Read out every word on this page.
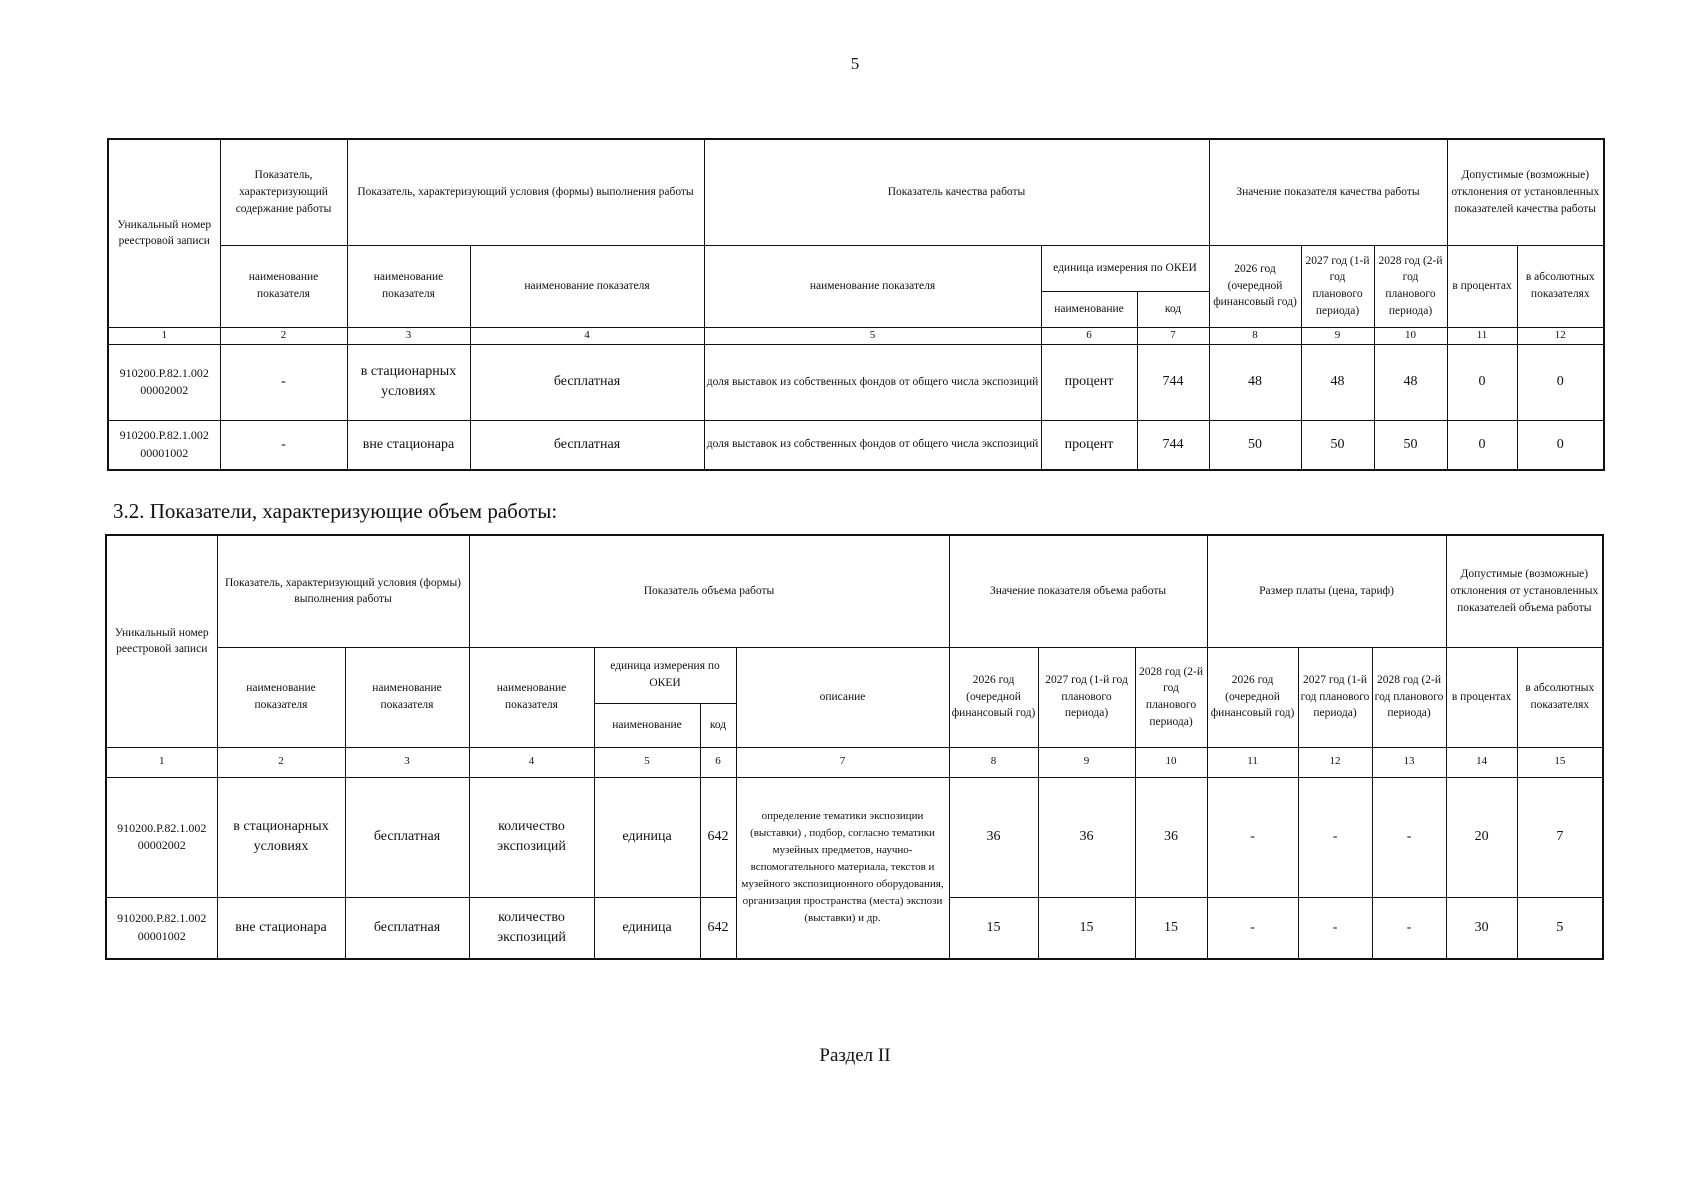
5
Уникальный номер реестровой записи	Показатель, характеризующий содержание работы	Показатель, характеризующий условия (формы) выполнения работы		Показатель качества работы			Значение показателя качества работы			Допустимые (возможные) отклонения от установленных показателей качества работы	
	наименование показателя	наименование показателя	наименование показателя	наименование показателя	единица измерения по ОКЕИ		2026 год (очередной финансовый год)	2027 год (1-й год планового периода)	2028 год (2-й год планового периода)	в процентах	в абсолютных показателях
					наименование	код					
1	2	3	4	5	6	7	8	9	10	11	12
910200.Р.82.1.002 00002002	-	в стационарных условиях	бесплатная	доля выставок из собственных фондов от общего числа экспозиций	процент	744	48	48	48	0	0
910200.Р.82.1.002 00001002	-	вне стационара	бесплатная	доля выставок из собственных фондов от общего числа экспозиций	процент	744	50	50	50	0	0
3.2. Показатели, характеризующие объем работы:
Уникальный номер реестровой записи	Показатель, характеризующий условия (формы) выполнения работы		Показатель объема работы				Значение показателя объема работы			Размер платы (цена, тариф)			Допустимые (возможные) отклонения от установленных показателей объема работы	
	наименование показателя	наименование показателя	наименование показателя	единица измерения по ОКЕИ		описание	2026 год (очередной финансовый год)	2027 год (1-й год планового периода)	2028 год (2-й год планового периода)	2026 год (очередной финансовый год)	2027 год (1-й год планового периода)	2028 год (2-й год планового периода)	в процентах	в абсолютных показателях
				наименование	код									
1	2	3	4	5	6	7	8	9	10	11	12	13	14	15
910200.Р.82.1.002 00002002	в стационарных условиях	бесплатная	количество экспозиций	единица	642	определение тематики экспозиции (выставки) , подбор, согласно тематики музейных предметов, научно-вспомогательного материала, текстов и музейного экспозиционного оборудования, организация пространства (места) экспози (выставки) и др.	36	36	36	-	-	-	20	7
910200.Р.82.1.002 00001002	вне стационара	бесплатная	количество экспозиций	единица	642		15	15	15	-	-	-	30	5
Раздел II
